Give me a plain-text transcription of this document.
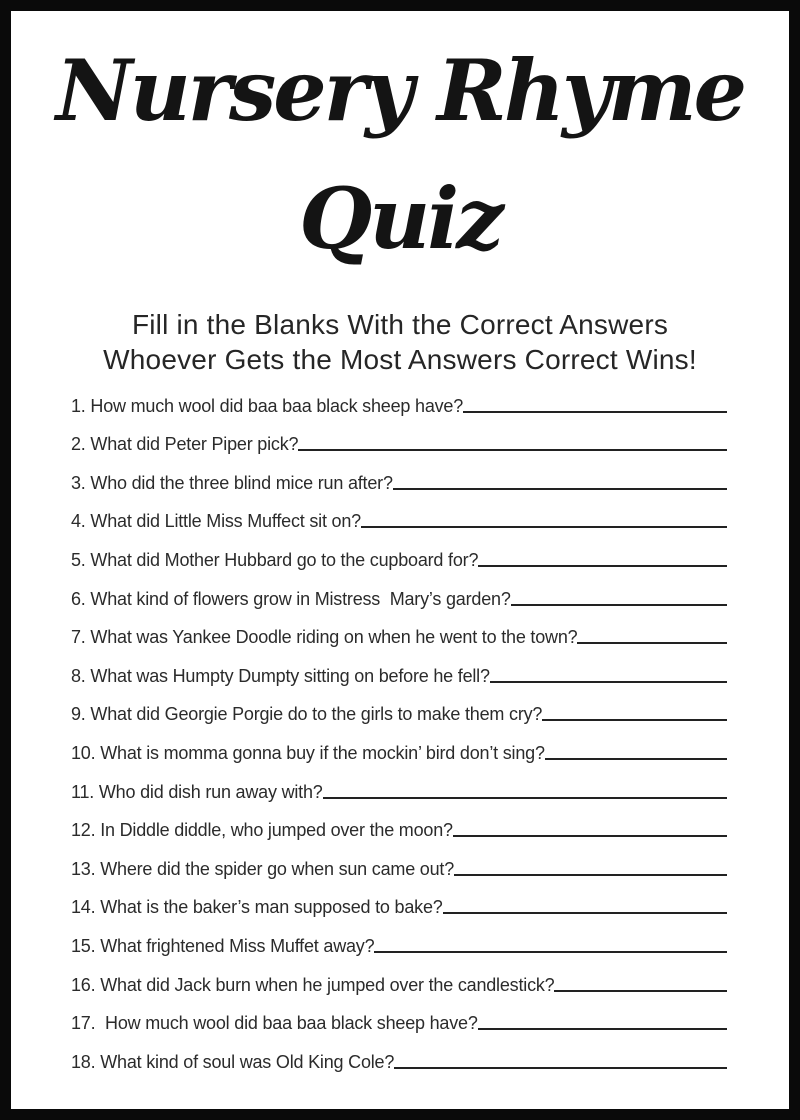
Nursery Rhyme
Quiz
Fill in the Blanks With the Correct Answers
Whoever Gets the Most Answers Correct Wins!
1. How much wool did baa baa black sheep have?
2. What did Peter Piper pick?
3. Who did the three blind mice run after?
4. What did Little Miss Muffect sit on?
5. What did Mother Hubbard go to the cupboard for?
6. What kind of flowers grow in Mistress  Mary’s garden?
7. What was Yankee Doodle riding on when he went to the town?
8. What was Humpty Dumpty sitting on before he fell?
9. What did Georgie Porgie do to the girls to make them cry?
10. What is momma gonna buy if the mockin’ bird don’t sing?
11. Who did dish run away with?
12. In Diddle diddle, who jumped over the moon?
13. Where did the spider go when sun came out?
14. What is the baker’s man supposed to bake?
15. What frightened Miss Muffet away?
16. What did Jack burn when he jumped over the candlestick?
17.  How much wool did baa baa black sheep have?
18. What kind of soul was Old King Cole?
